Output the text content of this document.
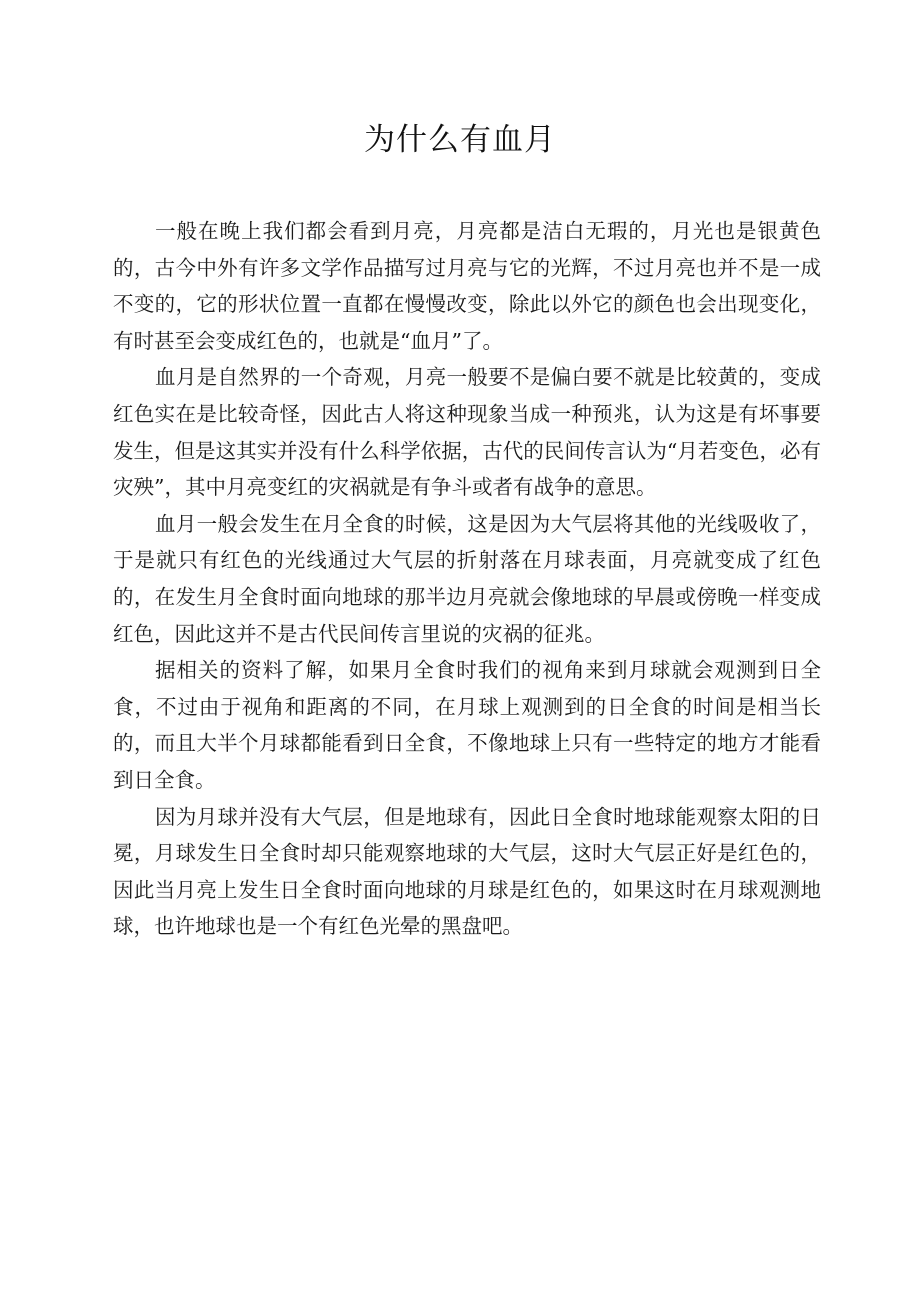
为什么有血月

一般在晚上我们都会看到月亮，月亮都是洁白无瑕的，月光也是银黄色的，古今中外有许多文学作品描写过月亮与它的光辉，不过月亮也并不是一成不变的，它的形状位置一直都在慢慢改变，除此以外它的颜色也会出现变化，有时甚至会变成红色的，也就是“血月”了。

血月是自然界的一个奇观，月亮一般要不是偏白要不就是比较黄的，变成红色实在是比较奇怪，因此古人将这种现象当成一种预兆，认为这是有坏事要发生，但是这其实并没有什么科学依据，古代的民间传言认为“月若变色，必有灾殃”，其中月亮变红的灾祸就是有争斗或者有战争的意思。

血月一般会发生在月全食的时候，这是因为大气层将其他的光线吸收了，于是就只有红色的光线通过大气层的折射落在月球表面，月亮就变成了红色的，在发生月全食时面向地球的那半边月亮就会像地球的早晨或傍晚一样变成红色，因此这并不是古代民间传言里说的灾祸的征兆。

据相关的资料了解，如果月全食时我们的视角来到月球就会观测到日全食，不过由于视角和距离的不同，在月球上观测到的日全食的时间是相当长的，而且大半个月球都能看到日全食，不像地球上只有一些特定的地方才能看到日全食。

因为月球并没有大气层，但是地球有，因此日全食时地球能观察太阳的日冕，月球发生日全食时却只能观察地球的大气层，这时大气层正好是红色的，因此当月亮上发生日全食时面向地球的月球是红色的，如果这时在月球观测地球，也许地球也是一个有红色光晕的黑盘吧。
